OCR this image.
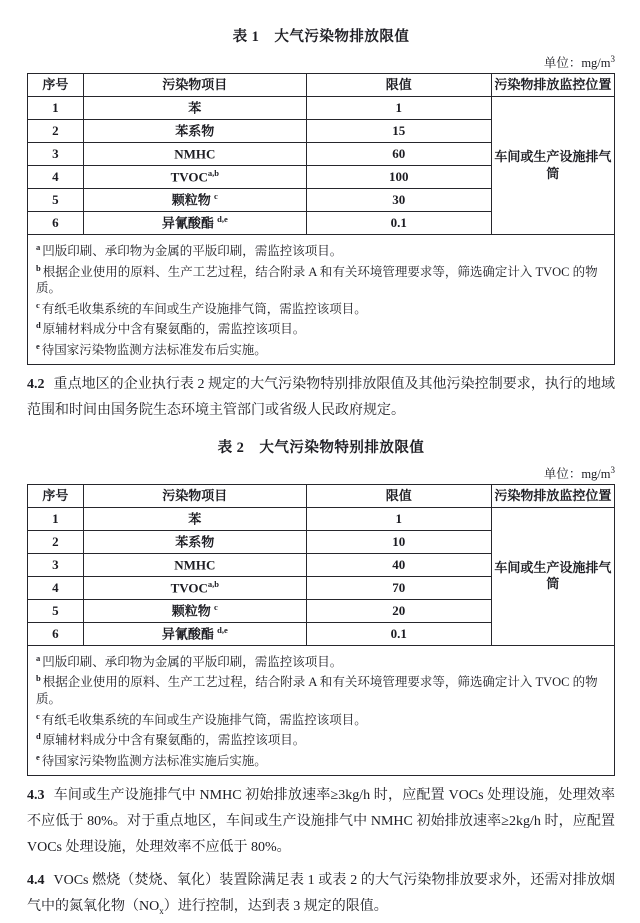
表 1　大气污染物排放限值
单位：$mg/m^3$
序号	污染物项目	限值	污染物排放监控位置
1	苯	1	车间或生产设施排气筒
2	苯系物	15	
3	NMHC	60	
4	TVOC$^{a,b}$	100	
5	颗粒物 $^c$	30	
6	异氰酸酯 $^{d,e}$	0.1	

$^a$ 凹版印刷、承印物为金属的平版印刷，需监控该项目。
$^b$ 根据企业使用的原料、生产工艺过程，结合附录 A 和有关环境管理要求等，筛选确定计入 TVOC 的物质。
$^c$ 有纸毛收集系统的车间或生产设施排气筒，需监控该项目。
$^d$ 原辅材料成分中含有聚氨酯的，需监控该项目。
$^e$ 待国家污染物监测方法标准发布后实施。			

4.2 重点地区的企业执行表 2 规定的大气污染物特别排放限值及其他污染控制要求，执行的地域范围和时间由国务院生态环境主管部门或省级人民政府规定。

表 2　大气污染物特别排放限值
单位：$mg/m^3$
序号	污染物项目	限值	污染物排放监控位置
1	苯	1	车间或生产设施排气筒
2	苯系物	10	
3	NMHC	40	
4	TVOC$^{a,b}$	70	
5	颗粒物 $^c$	20	
6	异氰酸酯 $^{d,e}$	0.1	

$^a$ 凹版印刷、承印物为金属的平版印刷，需监控该项目。
$^b$ 根据企业使用的原料、生产工艺过程，结合附录 A 和有关环境管理要求等，筛选确定计入 TVOC 的物质。
$^c$ 有纸毛收集系统的车间或生产设施排气筒，需监控该项目。
$^d$ 原辅材料成分中含有聚氨酯的，需监控该项目。
$^e$ 待国家污染物监测方法标准实施后实施。			

4.3 车间或生产设施排气中 NMHC 初始排放速率≥3kg/h 时，应配置 VOCs 处理设施，处理效率不应低于 80%。对于重点地区，车间或生产设施排气中 NMHC 初始排放速率≥2kg/h 时，应配置 VOCs 处理设施，处理效率不应低于 80%。

4.4 VOCs 燃烧（焚烧、氧化）装置除满足表 1 或表 2 的大气污染物排放要求外，还需对排放烟气中的氮氧化物$(NO_x)$进行控制，达到表 3 规定的限值。
